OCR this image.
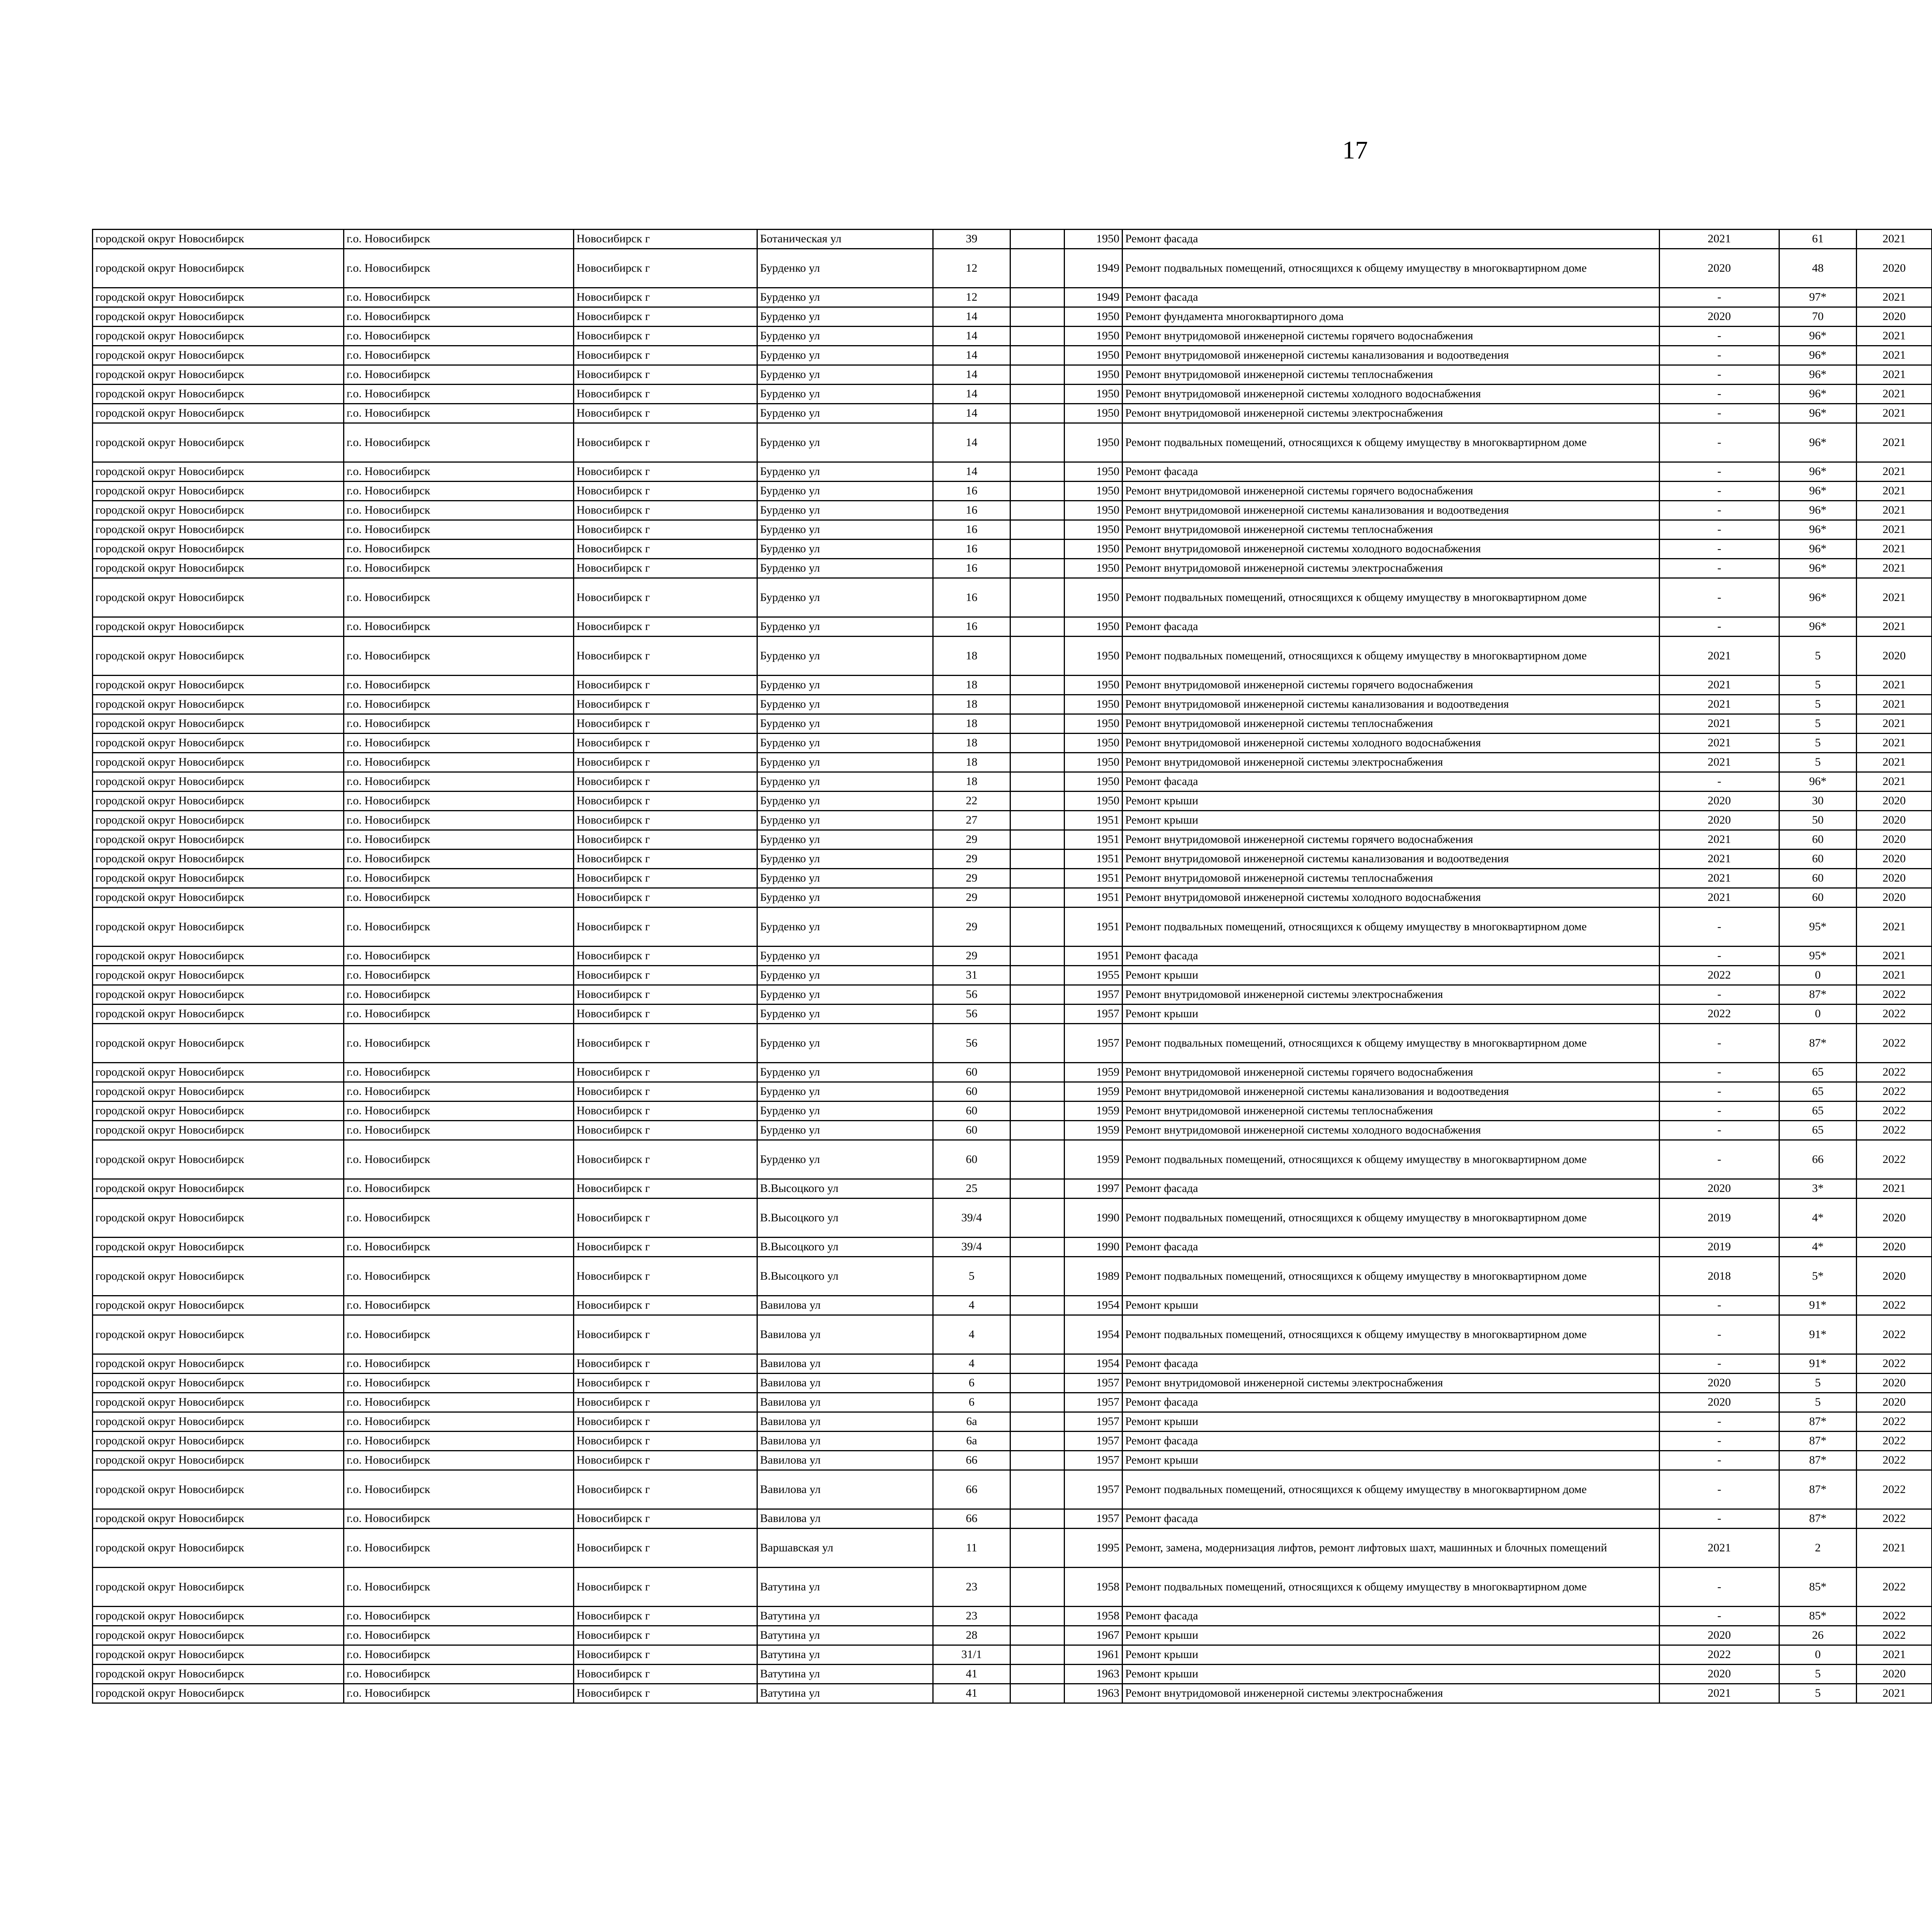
17
городской округ Новосибирск	г.о. Новосибирск	Новосибирск г	Ботаническая ул	39		1950	Ремонт фасада	2021	61	2021						
городской округ Новосибирск	г.о. Новосибирск	Новосибирск г	Бурденко ул	12		1949	Ремонт подвальных помещений, относящихся к общему имуществу в многоквартирном доме	2020	48	2020						
городской округ Новосибирск	г.о. Новосибирск	Новосибирск г	Бурденко ул	12		1949	Ремонт фасада	-	97*	2021						
городской округ Новосибирск	г.о. Новосибирск	Новосибирск г	Бурденко ул	14		1950	Ремонт фундамента многоквартирного дома	2020	70	2020						
городской округ Новосибирск	г.о. Новосибирск	Новосибирск г	Бурденко ул	14		1950	Ремонт внутридомовой инженерной системы горячего водоснабжения	-	96*	2021						
городской округ Новосибирск	г.о. Новосибирск	Новосибирск г	Бурденко ул	14		1950	Ремонт внутридомовой инженерной системы канализования и водоотведения	-	96*	2021						
городской округ Новосибирск	г.о. Новосибирск	Новосибирск г	Бурденко ул	14		1950	Ремонт внутридомовой инженерной системы теплоснабжения	-	96*	2021						
городской округ Новосибирск	г.о. Новосибирск	Новосибирск г	Бурденко ул	14		1950	Ремонт внутридомовой инженерной системы холодного водоснабжения	-	96*	2021						
городской округ Новосибирск	г.о. Новосибирск	Новосибирск г	Бурденко ул	14		1950	Ремонт внутридомовой инженерной системы электроснабжения	-	96*	2021						
городской округ Новосибирск	г.о. Новосибирск	Новосибирск г	Бурденко ул	14		1950	Ремонт подвальных помещений, относящихся к общему имуществу в многоквартирном доме	-	96*	2021						
городской округ Новосибирск	г.о. Новосибирск	Новосибирск г	Бурденко ул	14		1950	Ремонт фасада	-	96*	2021						
городской округ Новосибирск	г.о. Новосибирск	Новосибирск г	Бурденко ул	16		1950	Ремонт внутридомовой инженерной системы горячего водоснабжения	-	96*	2021						
городской округ Новосибирск	г.о. Новосибирск	Новосибирск г	Бурденко ул	16		1950	Ремонт внутридомовой инженерной системы канализования и водоотведения	-	96*	2021						
городской округ Новосибирск	г.о. Новосибирск	Новосибирск г	Бурденко ул	16		1950	Ремонт внутридомовой инженерной системы теплоснабжения	-	96*	2021						
городской округ Новосибирск	г.о. Новосибирск	Новосибирск г	Бурденко ул	16		1950	Ремонт внутридомовой инженерной системы холодного водоснабжения	-	96*	2021						
городской округ Новосибирск	г.о. Новосибирск	Новосибирск г	Бурденко ул	16		1950	Ремонт внутридомовой инженерной системы электроснабжения	-	96*	2021						
городской округ Новосибирск	г.о. Новосибирск	Новосибирск г	Бурденко ул	16		1950	Ремонт подвальных помещений, относящихся к общему имуществу в многоквартирном доме	-	96*	2021						
городской округ Новосибирск	г.о. Новосибирск	Новосибирск г	Бурденко ул	16		1950	Ремонт фасада	-	96*	2021						
городской округ Новосибирск	г.о. Новосибирск	Новосибирск г	Бурденко ул	18		1950	Ремонт подвальных помещений, относящихся к общему имуществу в многоквартирном доме	2021	5	2020						
городской округ Новосибирск	г.о. Новосибирск	Новосибирск г	Бурденко ул	18		1950	Ремонт внутридомовой инженерной системы горячего водоснабжения	2021	5	2021						
городской округ Новосибирск	г.о. Новосибирск	Новосибирск г	Бурденко ул	18		1950	Ремонт внутридомовой инженерной системы канализования и водоотведения	2021	5	2021						
городской округ Новосибирск	г.о. Новосибирск	Новосибирск г	Бурденко ул	18		1950	Ремонт внутридомовой инженерной системы теплоснабжения	2021	5	2021						
городской округ Новосибирск	г.о. Новосибирск	Новосибирск г	Бурденко ул	18		1950	Ремонт внутридомовой инженерной системы холодного водоснабжения	2021	5	2021						
городской округ Новосибирск	г.о. Новосибирск	Новосибирск г	Бурденко ул	18		1950	Ремонт внутридомовой инженерной системы электроснабжения	2021	5	2021						
городской округ Новосибирск	г.о. Новосибирск	Новосибирск г	Бурденко ул	18		1950	Ремонт фасада	-	96*	2021						
городской округ Новосибирск	г.о. Новосибирск	Новосибирск г	Бурденко ул	22		1950	Ремонт крыши	2020	30	2020						
городской округ Новосибирск	г.о. Новосибирск	Новосибирск г	Бурденко ул	27		1951	Ремонт крыши	2020	50	2020						
городской округ Новосибирск	г.о. Новосибирск	Новосибирск г	Бурденко ул	29		1951	Ремонт внутридомовой инженерной системы горячего водоснабжения	2021	60	2020						
городской округ Новосибирск	г.о. Новосибирск	Новосибирск г	Бурденко ул	29		1951	Ремонт внутридомовой инженерной системы канализования и водоотведения	2021	60	2020						
городской округ Новосибирск	г.о. Новосибирск	Новосибирск г	Бурденко ул	29		1951	Ремонт внутридомовой инженерной системы теплоснабжения	2021	60	2020						
городской округ Новосибирск	г.о. Новосибирск	Новосибирск г	Бурденко ул	29		1951	Ремонт внутридомовой инженерной системы холодного водоснабжения	2021	60	2020						
городской округ Новосибирск	г.о. Новосибирск	Новосибирск г	Бурденко ул	29		1951	Ремонт подвальных помещений, относящихся к общему имуществу в многоквартирном доме	-	95*	2021						
городской округ Новосибирск	г.о. Новосибирск	Новосибирск г	Бурденко ул	29		1951	Ремонт фасада	-	95*	2021						
городской округ Новосибирск	г.о. Новосибирск	Новосибирск г	Бурденко ул	31		1955	Ремонт крыши	2022	0	2021						
городской округ Новосибирск	г.о. Новосибирск	Новосибирск г	Бурденко ул	56		1957	Ремонт внутридомовой инженерной системы электроснабжения	-	87*	2022						
городской округ Новосибирск	г.о. Новосибирск	Новосибирск г	Бурденко ул	56		1957	Ремонт крыши	2022	0	2022						
городской округ Новосибирск	г.о. Новосибирск	Новосибирск г	Бурденко ул	56		1957	Ремонт подвальных помещений, относящихся к общему имуществу в многоквартирном доме	-	87*	2022						
городской округ Новосибирск	г.о. Новосибирск	Новосибирск г	Бурденко ул	60		1959	Ремонт внутридомовой инженерной системы горячего водоснабжения	-	65	2022						
городской округ Новосибирск	г.о. Новосибирск	Новосибирск г	Бурденко ул	60		1959	Ремонт внутридомовой инженерной системы канализования и водоотведения	-	65	2022						
городской округ Новосибирск	г.о. Новосибирск	Новосибирск г	Бурденко ул	60		1959	Ремонт внутридомовой инженерной системы теплоснабжения	-	65	2022						
городской округ Новосибирск	г.о. Новосибирск	Новосибирск г	Бурденко ул	60		1959	Ремонт внутридомовой инженерной системы холодного водоснабжения	-	65	2022						
городской округ Новосибирск	г.о. Новосибирск	Новосибирск г	Бурденко ул	60		1959	Ремонт подвальных помещений, относящихся к общему имуществу в многоквартирном доме	-	66	2022						
городской округ Новосибирск	г.о. Новосибирск	Новосибирск г	В.Высоцкого ул	25		1997	Ремонт фасада	2020	3*	2021						
городской округ Новосибирск	г.о. Новосибирск	Новосибирск г	В.Высоцкого ул	39/4		1990	Ремонт подвальных помещений, относящихся к общему имуществу в многоквартирном доме	2019	4*	2020						
городской округ Новосибирск	г.о. Новосибирск	Новосибирск г	В.Высоцкого ул	39/4		1990	Ремонт фасада	2019	4*	2020						
городской округ Новосибирск	г.о. Новосибирск	Новосибирск г	В.Высоцкого ул	5		1989	Ремонт подвальных помещений, относящихся к общему имуществу в многоквартирном доме	2018	5*	2020						
городской округ Новосибирск	г.о. Новосибирск	Новосибирск г	Вавилова ул	4		1954	Ремонт крыши	-	91*	2022						
городской округ Новосибирск	г.о. Новосибирск	Новосибирск г	Вавилова ул	4		1954	Ремонт подвальных помещений, относящихся к общему имуществу в многоквартирном доме	-	91*	2022						
городской округ Новосибирск	г.о. Новосибирск	Новосибирск г	Вавилова ул	4		1954	Ремонт фасада	-	91*	2022						
городской округ Новосибирск	г.о. Новосибирск	Новосибирск г	Вавилова ул	6		1957	Ремонт внутридомовой инженерной системы электроснабжения	2020	5	2020						
городской округ Новосибирск	г.о. Новосибирск	Новосибирск г	Вавилова ул	6		1957	Ремонт фасада	2020	5	2020						
городской округ Новосибирск	г.о. Новосибирск	Новосибирск г	Вавилова ул	6а		1957	Ремонт крыши	-	87*	2022						
городской округ Новосибирск	г.о. Новосибирск	Новосибирск г	Вавилова ул	6а		1957	Ремонт фасада	-	87*	2022						
городской округ Новосибирск	г.о. Новосибирск	Новосибирск г	Вавилова ул	66		1957	Ремонт крыши	-	87*	2022						
городской округ Новосибирск	г.о. Новосибирск	Новосибирск г	Вавилова ул	66		1957	Ремонт подвальных помещений, относящихся к общему имуществу в многоквартирном доме	-	87*	2022						
городской округ Новосибирск	г.о. Новосибирск	Новосибирск г	Вавилова ул	66		1957	Ремонт фасада	-	87*	2022						
городской округ Новосибирск	г.о. Новосибирск	Новосибирск г	Варшавская ул	11		1995	Ремонт, замена, модернизация лифтов, ремонт лифтовых шахт, машинных и блочных помещений	2021	2	2021						
городской округ Новосибирск	г.о. Новосибирск	Новосибирск г	Ватутина ул	23		1958	Ремонт подвальных помещений, относящихся к общему имуществу в многоквартирном доме	-	85*	2022						
городской округ Новосибирск	г.о. Новосибирск	Новосибирск г	Ватутина ул	23		1958	Ремонт фасада	-	85*	2022						
городской округ Новосибирск	г.о. Новосибирск	Новосибирск г	Ватутина ул	28		1967	Ремонт крыши	2020	26	2022						
городской округ Новосибирск	г.о. Новосибирск	Новосибирск г	Ватутина ул	31/1		1961	Ремонт крыши	2022	0	2021						
городской округ Новосибирск	г.о. Новосибирск	Новосибирск г	Ватутина ул	41		1963	Ремонт крыши	2020	5	2020						
городской округ Новосибирск	г.о. Новосибирск	Новосибирск г	Ватутина ул	41		1963	Ремонт внутридомовой инженерной системы электроснабжения	2021	5	2021						
